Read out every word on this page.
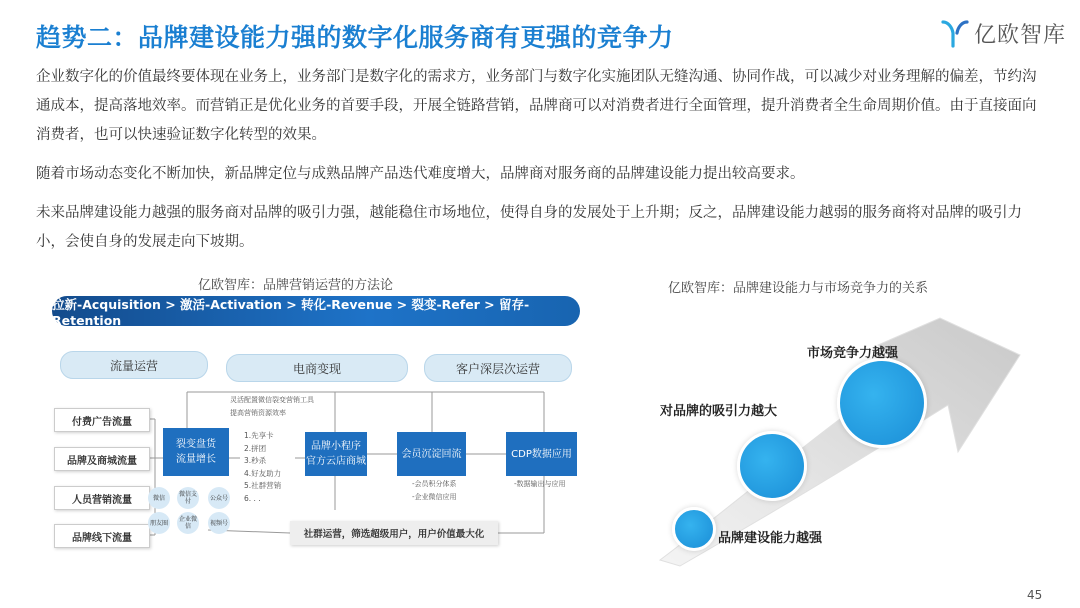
趋势二：品牌建设能力强的数字化服务商有更强的竞争力	亿欧智库

企业数字化的价值最终要体现在业务上，业务部门是数字化的需求方，业务部门与数字化实施团队无缝沟通、协同作战，可以减少对业务理解的偏差，节约沟通成本，提高落地效率。而营销正是优化业务的首要手段，开展全链路营销，品牌商可以对消费者进行全面管理，提升消费者全生命周期价值。由于直接面向消费者，也可以快速验证数字化转型的效果。

随着市场动态变化不断加快，新品牌定位与成熟品牌产品迭代难度增大，品牌商对服务商的品牌建设能力提出较高要求。

未来品牌建设能力越强的服务商对品牌的吸引力强，越能稳住市场地位，使得自身的发展处于上升期；反之，品牌建设能力越弱的服务商将对品牌的吸引力小，会使自身的发展走向下坡期。

亿欧智库：品牌营销运营的方法论
拉新-Acquisition > 激活-Activation > 转化-Revenue > 裂变-Refer > 留存-Retention
流量运营	电商变现	客户深层次运营
付费广告流量
品牌及商城流量
人员营销流量
品牌线下流量
灵活配置微信裂变营销工具
提高营销资源效率
裂变盘货
流量增长
微信	微信支付	公众号
朋友圈	企业微信	视频号
1.先享卡
2.拼团
3.秒杀
4.好友助力
5.社群营销
6. . .
品牌小程序
官方云店商城
会员沉淀回流
-会员积分体系
-企业微信应用
CDP数据应用
-数据输出与应用
社群运营，筛选超级用户，用户价值最大化
亿欧智库：品牌建设能力与市场竞争力的关系
市场竞争力越强
对品牌的吸引力越大
品牌建设能力越强
45
